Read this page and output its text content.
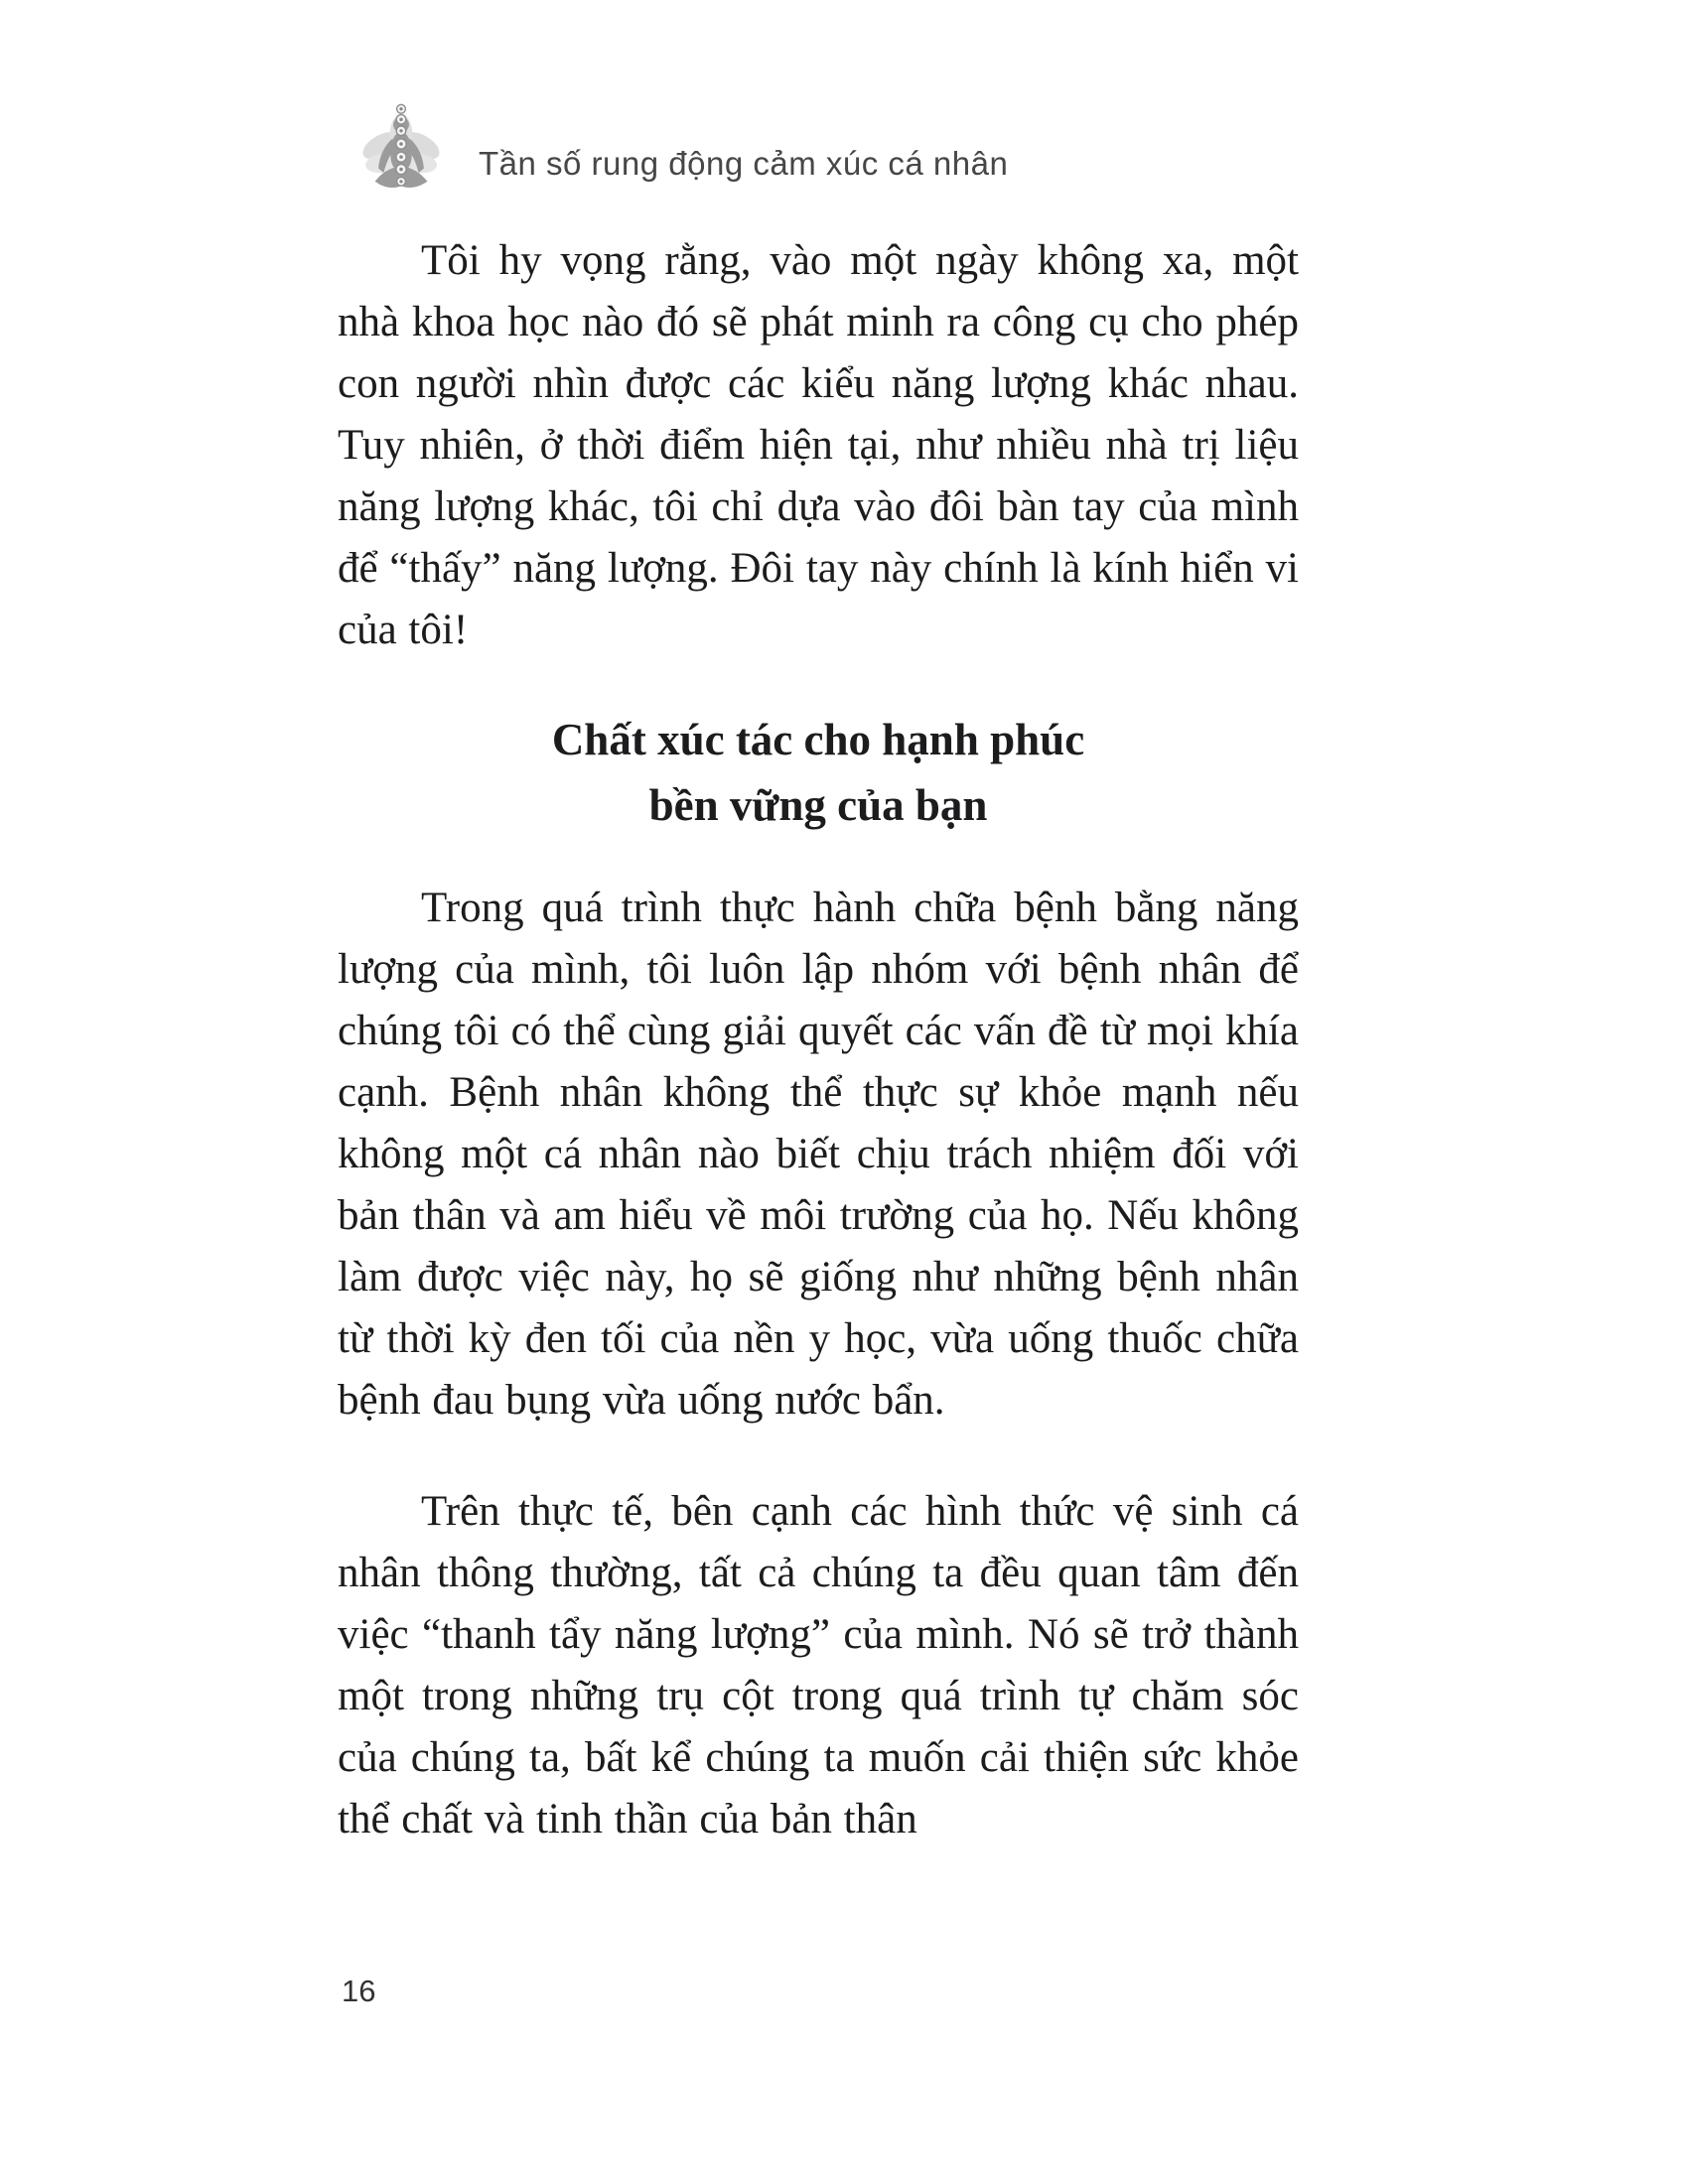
Tần số rung động cảm xúc cá nhân

Tôi hy vọng rằng, vào một ngày không xa, một nhà khoa học nào đó sẽ phát minh ra công cụ cho phép con người nhìn được các kiểu năng lượng khác nhau. Tuy nhiên, ở thời điểm hiện tại, như nhiều nhà trị liệu năng lượng khác, tôi chỉ dựa vào đôi bàn tay của mình để “thấy” năng lượng. Đôi tay này chính là kính hiển vi của tôi!

Chất xúc tác cho hạnh phúc
bền vững của bạn

Trong quá trình thực hành chữa bệnh bằng năng lượng của mình, tôi luôn lập nhóm với bệnh nhân để chúng tôi có thể cùng giải quyết các vấn đề từ mọi khía cạnh. Bệnh nhân không thể thực sự khỏe mạnh nếu không một cá nhân nào biết chịu trách nhiệm đối với bản thân và am hiểu về môi trường của họ. Nếu không làm được việc này, họ sẽ giống như những bệnh nhân từ thời kỳ đen tối của nền y học, vừa uống thuốc chữa bệnh đau bụng vừa uống nước bẩn.

Trên thực tế, bên cạnh các hình thức vệ sinh cá nhân thông thường, tất cả chúng ta đều quan tâm đến việc “thanh tẩy năng lượng” của mình. Nó sẽ trở thành một trong những trụ cột trong quá trình tự chăm sóc của chúng ta, bất kể chúng ta muốn cải thiện sức khỏe thể chất và tinh thần của bản thân

16
